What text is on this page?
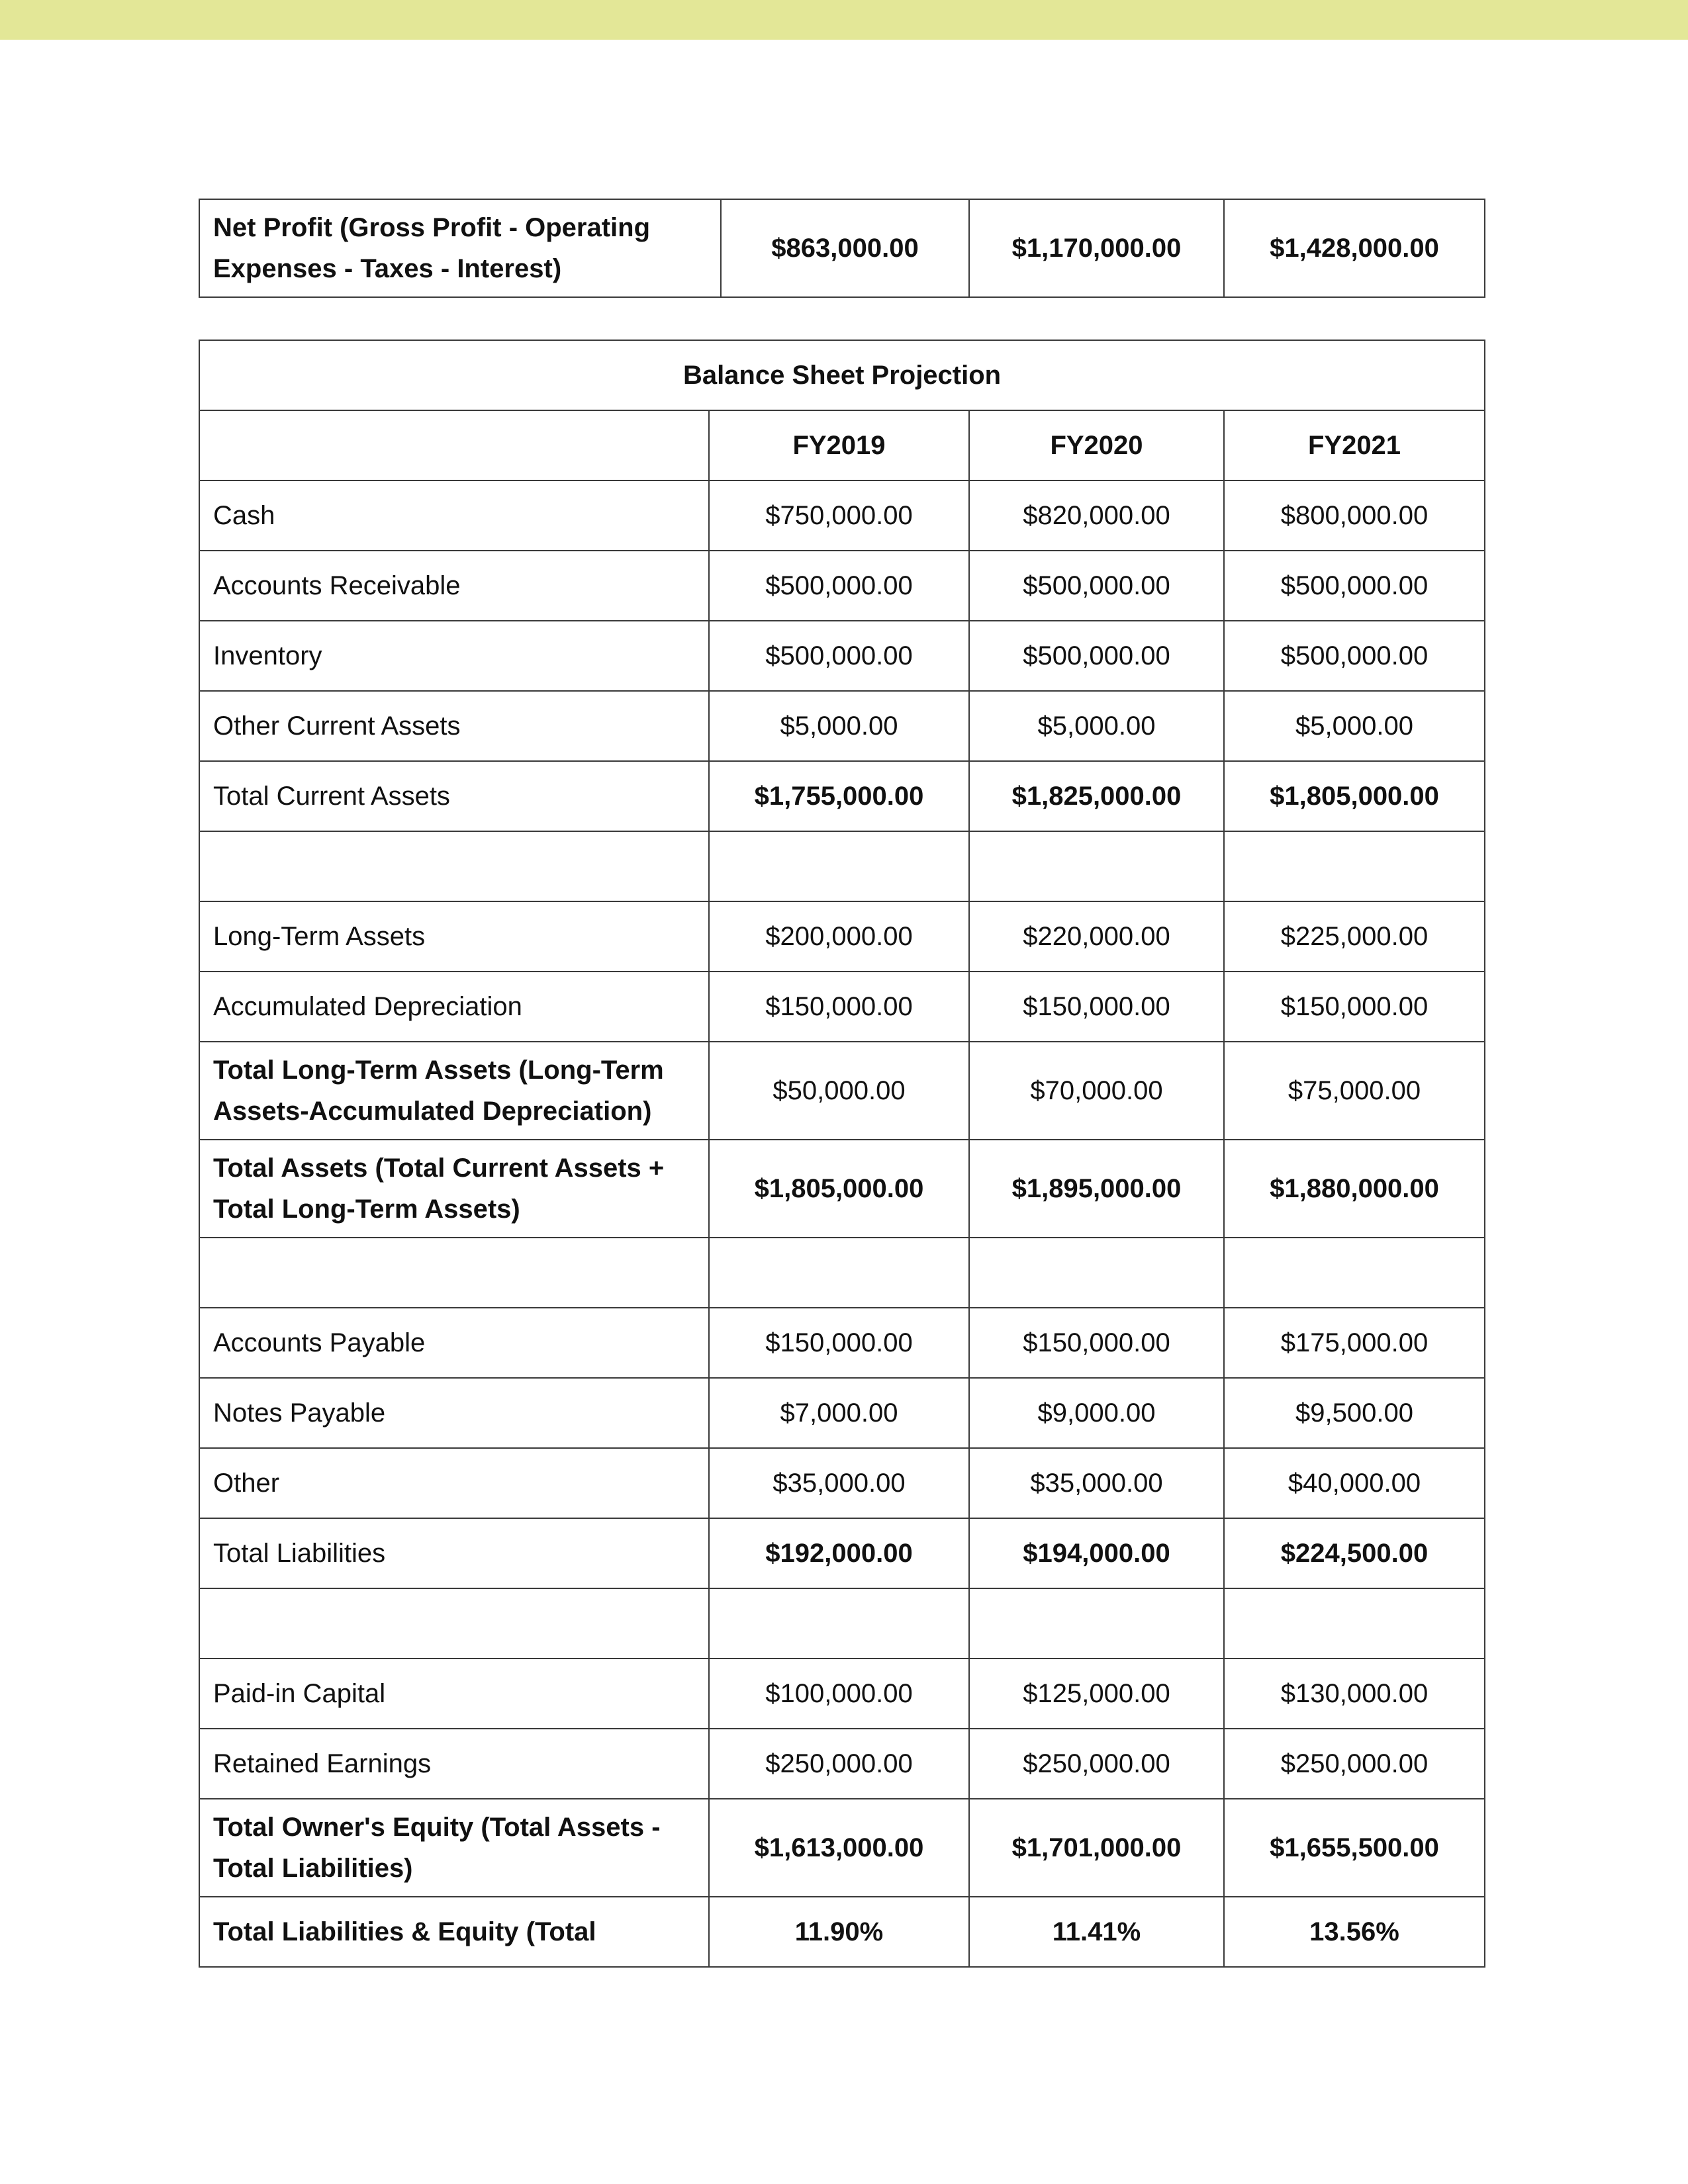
Net Profit (Gross Profit - Operating Expenses - Taxes - Interest)	$863,000.00	$1,170,000.00	$1,428,000.00
Balance Sheet Projection			
	FY2019	FY2020	FY2021
Cash	$750,000.00	$820,000.00	$800,000.00
Accounts Receivable	$500,000.00	$500,000.00	$500,000.00
Inventory	$500,000.00	$500,000.00	$500,000.00
Other Current Assets	$5,000.00	$5,000.00	$5,000.00
Total Current Assets	$1,755,000.00	$1,825,000.00	$1,805,000.00

Long-Term Assets	$200,000.00	$220,000.00	$225,000.00
Accumulated Depreciation	$150,000.00	$150,000.00	$150,000.00
Total Long-Term Assets (Long-Term Assets-Accumulated Depreciation)	$50,000.00	$70,000.00	$75,000.00
Total Assets (Total Current Assets + Total Long-Term Assets)	$1,805,000.00	$1,895,000.00	$1,880,000.00

Accounts Payable	$150,000.00	$150,000.00	$175,000.00
Notes Payable	$7,000.00	$9,000.00	$9,500.00
Other	$35,000.00	$35,000.00	$40,000.00
Total Liabilities	$192,000.00	$194,000.00	$224,500.00

Paid-in Capital	$100,000.00	$125,000.00	$130,000.00
Retained Earnings	$250,000.00	$250,000.00	$250,000.00
Total Owner's Equity (Total Assets - Total Liabilities)	$1,613,000.00	$1,701,000.00	$1,655,500.00
Total Liabilities & Equity (Total	11.90%	11.41%	13.56%
